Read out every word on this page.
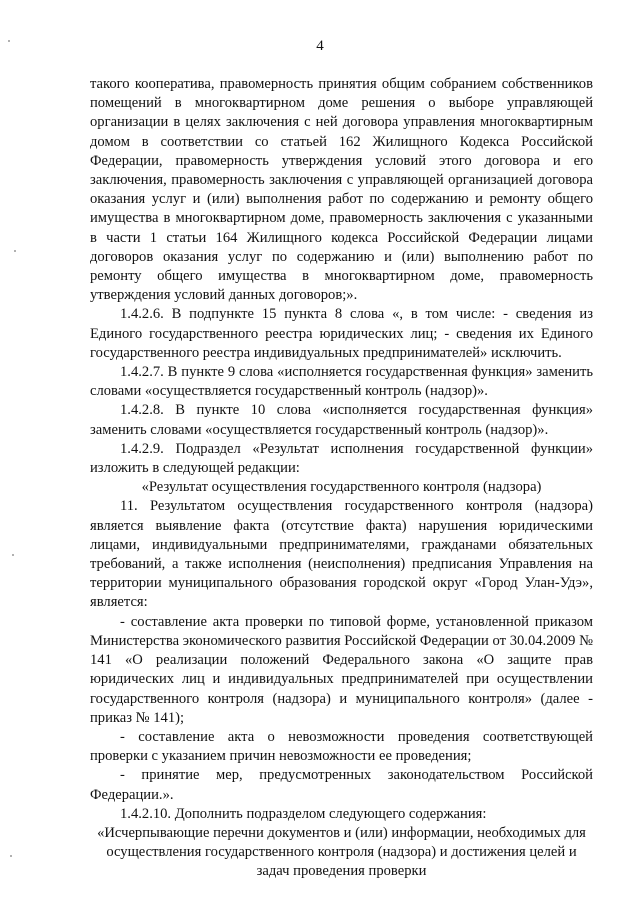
4

такого кооператива, правомерность принятия общим собранием собственников помещений в многоквартирном доме решения о выборе управляющей организации в целях заключения с ней договора управления многоквартирным домом в соответствии со статьей 162 Жилищного Кодекса Российской Федерации, правомерность утверждения условий этого договора и его заключения, правомерность заключения с управляющей организацией договора оказания услуг и (или) выполнения работ по содержанию и ремонту общего имущества в многоквартирном доме, правомерность заключения с указанными в части 1 статьи 164 Жилищного кодекса Российской Федерации лицами договоров оказания услуг по содержанию и (или) выполнению работ по ремонту общего имущества в многоквартирном доме, правомерность утверждения условий данных договоров;».

1.4.2.6. В подпункте 15 пункта 8 слова «, в том числе: - сведения из Единого государственного реестра юридических лиц; - сведения их Единого государственного реестра индивидуальных предпринимателей» исключить.

1.4.2.7. В пункте 9 слова «исполняется государственная функция» заменить словами «осуществляется государственный контроль (надзор)».

1.4.2.8. В пункте 10 слова «исполняется государственная функция» заменить словами «осуществляется государственный контроль (надзор)».

1.4.2.9. Подраздел «Результат исполнения государственной функции» изложить в следующей редакции:

«Результат осуществления государственного контроля (надзора)

11. Результатом осуществления государственного контроля (надзора) является выявление факта (отсутствие факта) нарушения юридическими лицами, индивидуальными предпринимателями, гражданами обязательных требований, а также исполнения (неисполнения) предписания Управления на территории муниципального образования городской округ «Город Улан-Удэ», является:

- составление акта проверки по типовой форме, установленной приказом Министерства экономического развития Российской Федерации от 30.04.2009 № 141 «О реализации положений Федерального закона «О защите прав юридических лиц и индивидуальных предпринимателей при осуществлении государственного контроля (надзора) и муниципального контроля» (далее - приказ № 141);

- составление акта о невозможности проведения соответствующей проверки с указанием причин невозможности ее проведения;

- принятие мер, предусмотренных законодательством Российской Федерации.».

1.4.2.10. Дополнить подразделом следующего содержания:

«Исчерпывающие перечни документов и (или) информации, необходимых для осуществления государственного контроля (надзора) и достижения целей и задач проведения проверки
